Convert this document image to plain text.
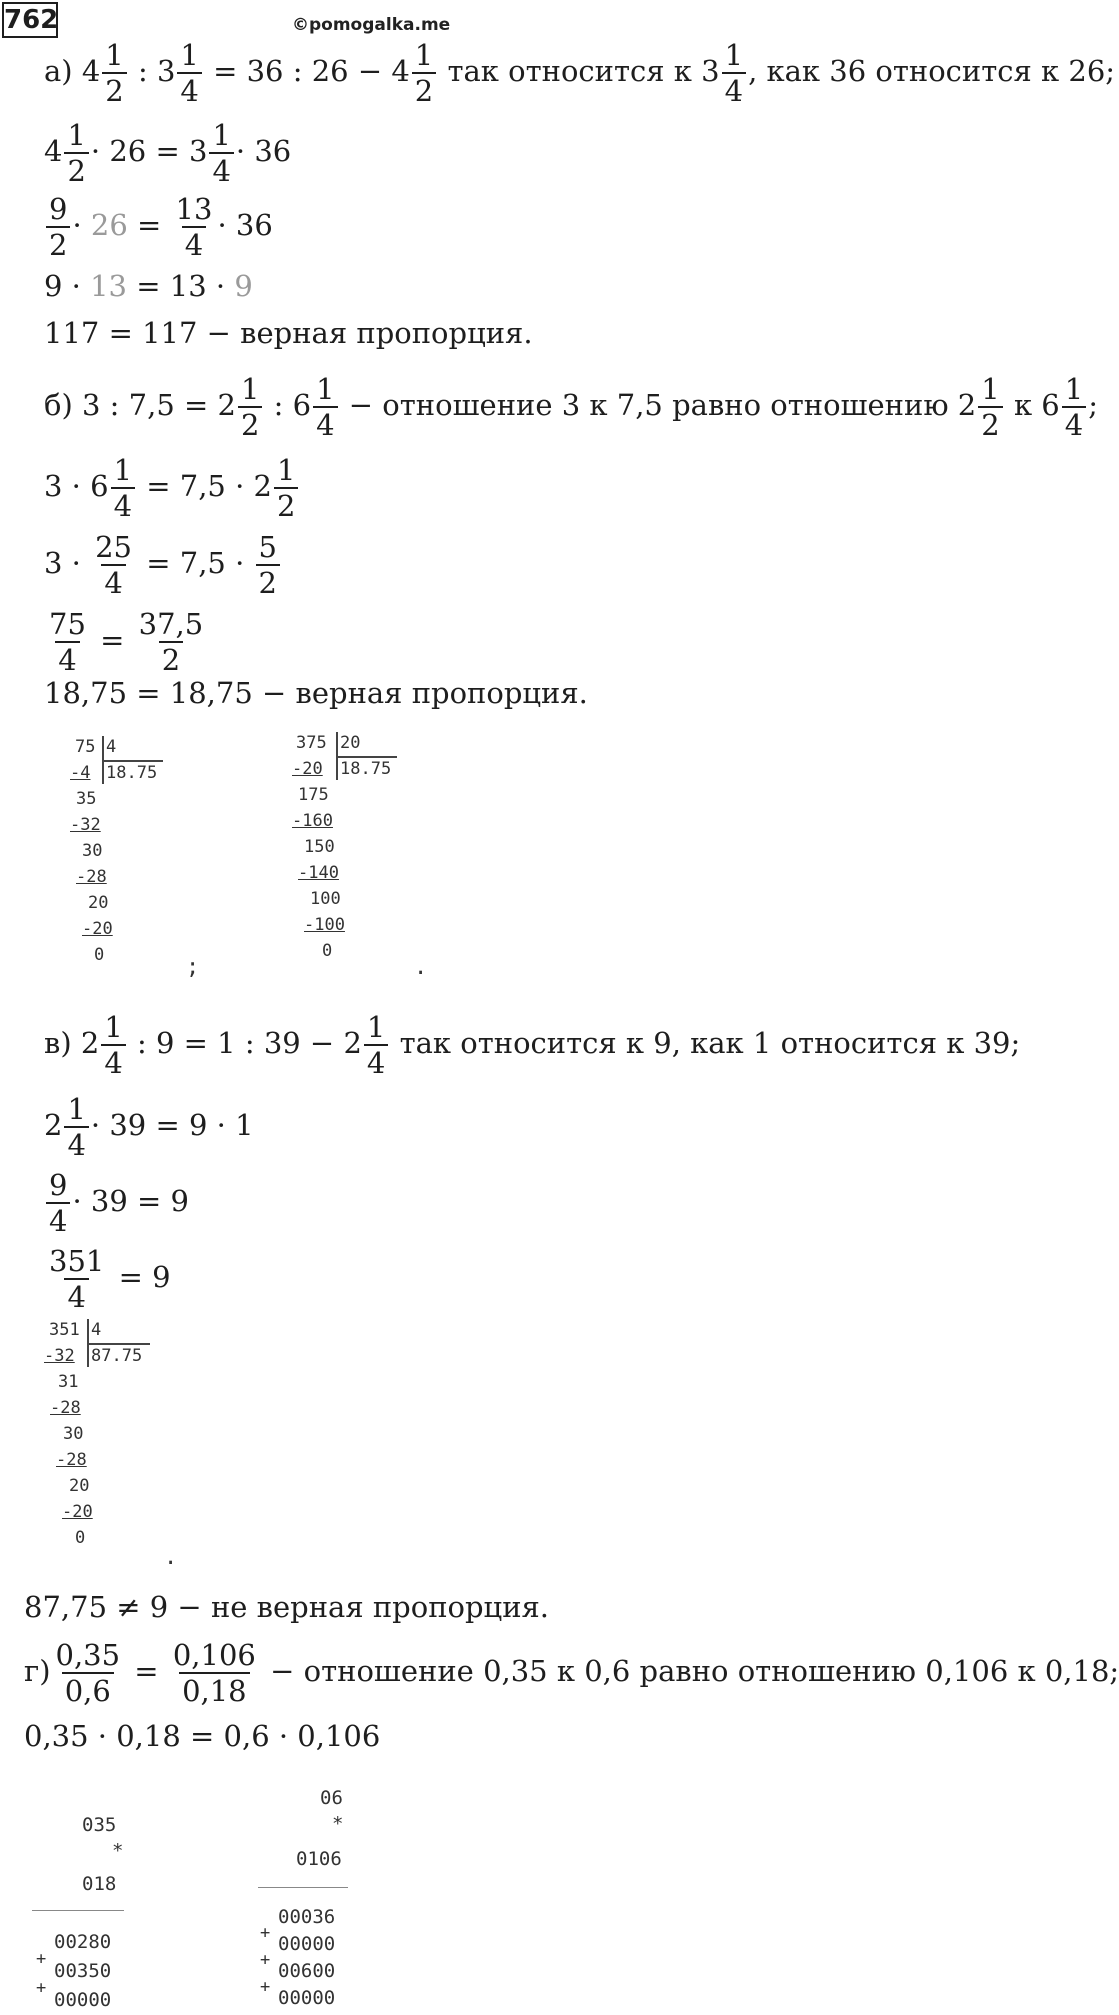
762	©pomogalka.me
а) $4 \frac{1}{2}$ : $3 \frac{1}{4} = 36$ : $26 - 4 \frac{1}{2}$ так относится к $3 \frac{1}{4}$ , как 36 относится к 26;
$4 \frac{1}{2} \cdot 26 = 3 \frac{1}{4} \cdot 36$
$\frac{9}{2} \cdot 26 = \frac{13}{4} \cdot 36$
9 · 13 = 13 · 9
117 = 117 − верная пропорция.
б) 3 : $7,5 = 2 \frac{1}{2}$ : $6 \frac{1}{4}$ − отношение 3 к 7,5 равно отношению $2 \frac{1}{2}$ к $6 \frac{1}{4}$ ;
$3 \cdot 6 \frac{1}{4} = 7,5 \cdot 2 \frac{1}{2}$
$3 \cdot \frac{25}{4} = 7,5 \cdot \frac{5}{2}$
$\frac{75}{4} = \frac{37,5}{2}$
18,75 = 18,75 − верная пропорция.
75 4
18.75
-4
35
-32
30
-28
20
-20
0	;
375 20
18.75
-20
175
-160
150
-140
100
-100
0
.
в) $2 \frac{1}{4}$ : 9 = 1 : $39 - 2 \frac{1}{4}$ так относится к 9, как 1 относится к 39;
$2 \frac{1}{4} \cdot 39 = 9 \cdot 1$
$\frac{9}{4} \cdot 39 = 9$
$\frac{351}{4} = 9$
351 4
87.75
-32
31
-28
30
-28
20
-20
0
.
87,75 ≠ 9 − не верная пропорция.
$г) \frac{0,35}{0,6} = \frac{0,106}{0,18}$ − отношение 0,35 к 0,6 равно отношению 0,106 к 0,18;
0,35 · 0,18 = 0,6 · 0,106
035
*
018
00280
+
00350
+
00000
06
*
0106
00036
+ 00000
+ 00600
+ 00000
